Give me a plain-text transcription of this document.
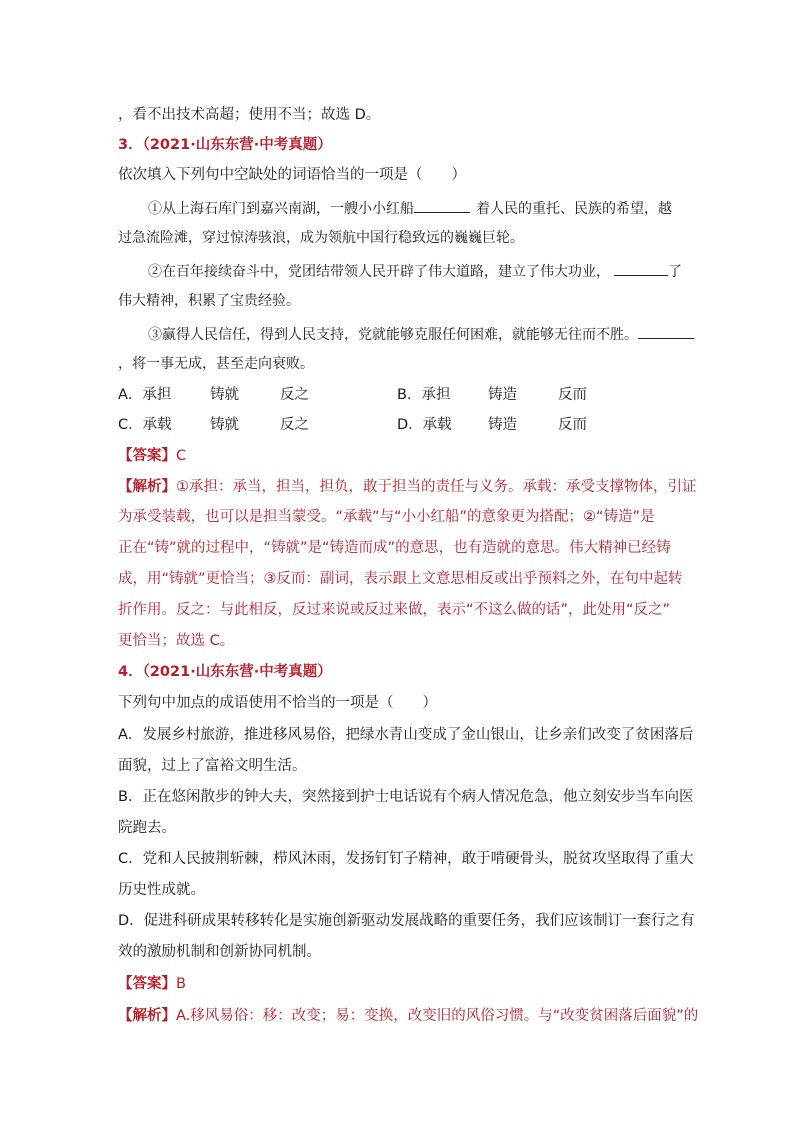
，看不出技术高超；使用不当；故选 D。
3．（2021·山东东营·中考真题）
依次填入下列句中空缺处的词语恰当的一项是（　　）
①从上海石库门到嘉兴南湖，一艘小小红船	着人民的重托、民族的希望，越
过急流险滩，穿过惊涛骇浪，成为领航中国行稳致远的巍巍巨轮。
②在百年接续奋斗中，党团结带领人民开辟了伟大道路，建立了伟大功业，	了
伟大精神，积累了宝贵经验。
③赢得人民信任，得到人民支持，党就能够克服任何困难，就能够无往而不胜。
，将一事无成，甚至走向衰败。
A．承担	铸就	反之	B．承担	铸造	反而
C．承载	铸就	反之	D．承载	铸造	反而
【答案】C
【解析】①承担：承当，担当，担负，敢于担当的责任与义务。承载：承受支撑物体，引证
为承受装载，也可以是担当蒙受。“承载”与“小小红船”的意象更为搭配；②“铸造”是
正在“铸”就的过程中，“铸就”是“铸造而成”的意思，也有造就的意思。伟大精神已经铸
成，用“铸就”更恰当；③反而：副词，表示跟上文意思相反或出乎预料之外，在句中起转
折作用。反之：与此相反，反过来说或反过来做，表示“不这么做的话”，此处用“反之”
更恰当；故选 C。
4．（2021·山东东营·中考真题）
下列句中加点的成语使用不恰当的一项是（　　）
A．发展乡村旅游，推进移风易俗，把绿水青山变成了金山银山，让乡亲们改变了贫困落后
面貌，过上了富裕文明生活。
B．正在悠闲散步的钟大夫，突然接到护士电话说有个病人情况危急，他立刻安步当车向医
院跑去。
C．党和人民披荆斩棘，栉风沐雨，发扬钉钉子精神，敢于啃硬骨头，脱贫攻坚取得了重大
历史性成就。
D．促进科研成果转移转化是实施创新驱动发展战略的重要任务，我们应该制订一套行之有
效的激励机制和创新协同机制。
【答案】B
【解析】A.移风易俗：移：改变；易：变换，改变旧的风俗习惯。与“改变贫困落后面貌”的
